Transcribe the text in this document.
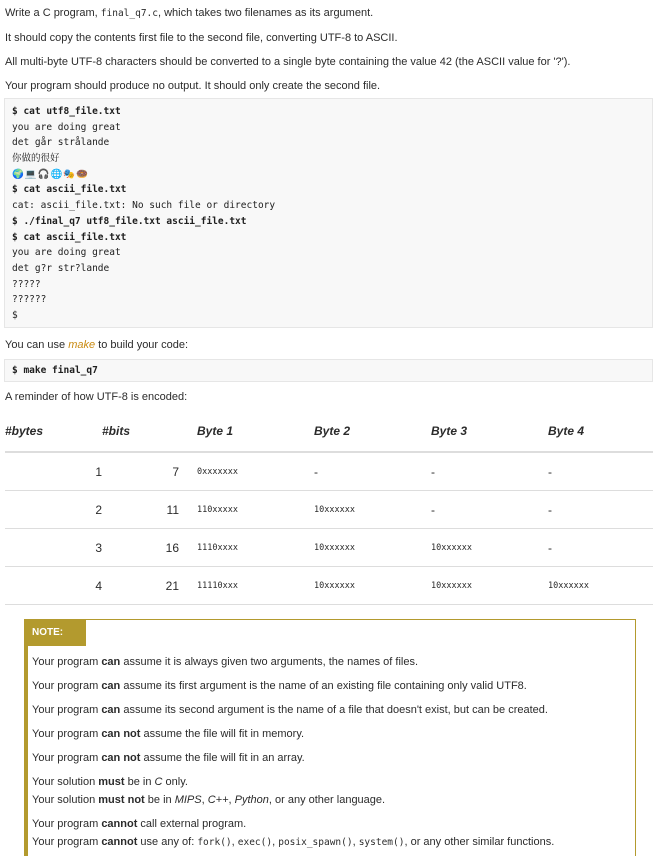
Write a C program, final_q7.c, which takes two filenames as its argument.

It should copy the contents first file to the second file, converting UTF-8 to ASCII.

All multi-byte UTF-8 characters should be converted to a single byte containing the value 42 (the ASCII value for '?').

Your program should produce no output. It should only create the second file.

$ cat utf8_file.txt
you are doing great
det går strålande
你做的很好
🌍💻🎧🌐🎭🍩
$ cat ascii_file.txt
cat: ascii_file.txt: No such file or directory
$ ./final_q7 utf8_file.txt ascii_file.txt
$ cat ascii_file.txt
you are doing great
det g?r str?lande
?????
??????
$

You can use make to build your code:

$ make final_q7

A reminder of how UTF-8 is encoded:

#bytes	#bits	Byte 1	Byte 2	Byte 3	Byte 4
1	7	0xxxxxxx	-	-	-
2	11	110xxxxx	10xxxxxx	-	-
3	16	1110xxxx	10xxxxxx	10xxxxxx	-
4	21	11110xxx	10xxxxxx	10xxxxxx	10xxxxxx
NOTE:

Your program can assume it is always given two arguments, the names of files.

Your program can assume its first argument is the name of an existing file containing only valid UTF8.

Your program can assume its second argument is the name of a file that doesn't exist, but can be created.

Your program can not assume the file will fit in memory.

Your program can not assume the file will fit in an array.

Your solution must be in C only.

Your solution must not be in MIPS, C++, Python, or any other language.

Your program cannot call external program.

Your program cannot use any of: fork(), exec(), posix_spawn(), system(), or any other similar functions.
